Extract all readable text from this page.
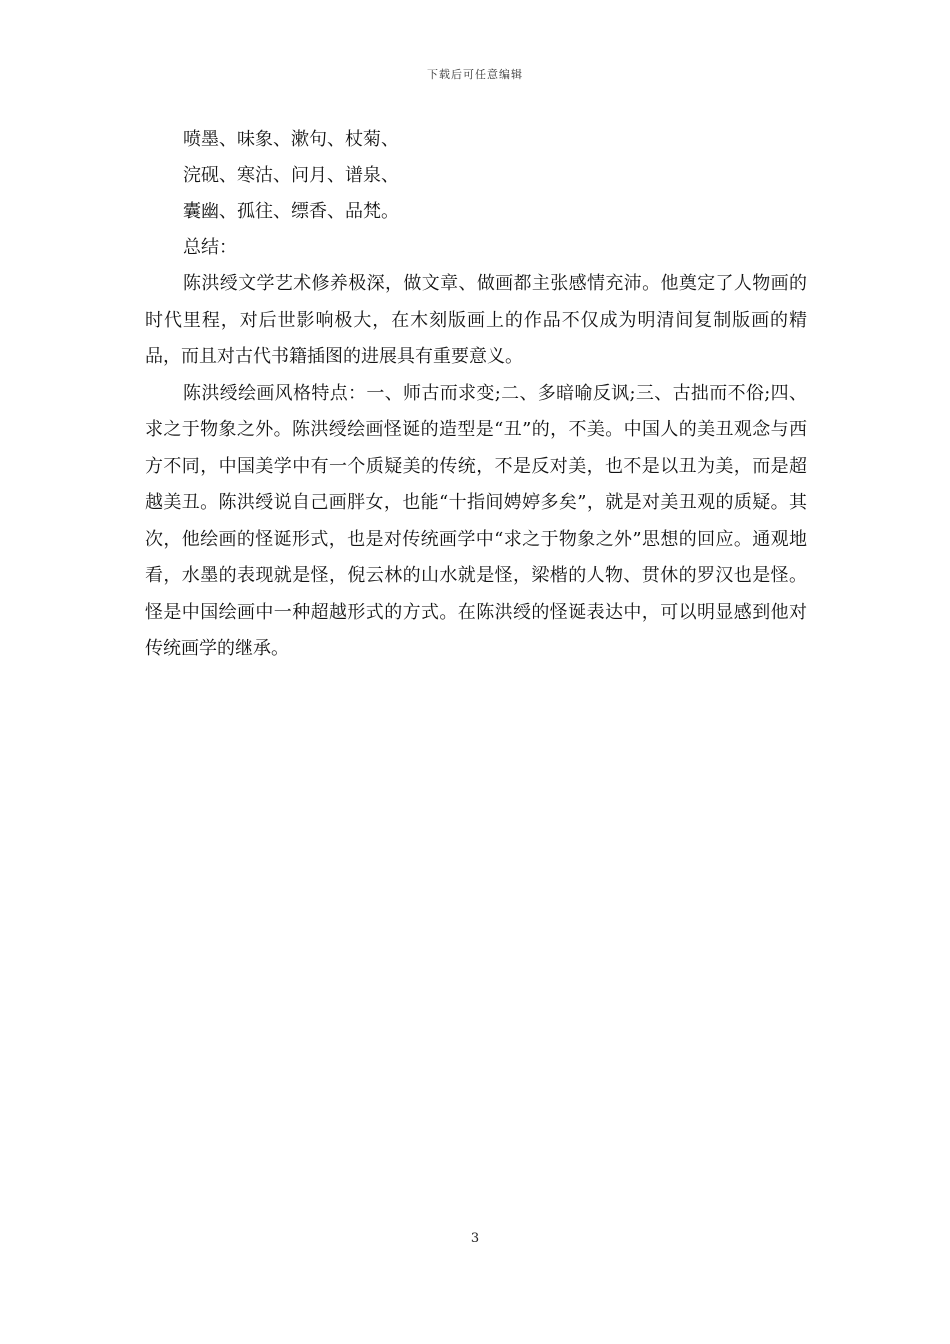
下载后可任意编辑
喷墨、味象、漱句、杖菊、
浣砚、寒沽、问月、谱泉、
囊幽、孤往、缥香、品梵。
总结：

陈洪绶文学艺术修养极深，做文章、做画都主张感情充沛。他奠定了人物画的时代里程，对后世影响极大，在木刻版画上的作品不仅成为明清间复制版画的精品，而且对古代书籍插图的进展具有重要意义。

陈洪绶绘画风格特点：一、师古而求变;二、多暗喻反讽;三、古拙而不俗;四、求之于物象之外。陈洪绶绘画怪诞的造型是“丑”的，不美。中国人的美丑观念与西方不同，中国美学中有一个质疑美的传统，不是反对美，也不是以丑为美，而是超越美丑。陈洪绶说自己画胖女，也能“十指间娉婷多矣”，就是对美丑观的质疑。其次，他绘画的怪诞形式，也是对传统画学中“求之于物象之外”思想的回应。通观地看，水墨的表现就是怪，倪云林的山水就是怪，梁楷的人物、贯休的罗汉也是怪。怪是中国绘画中一种超越形式的方式。在陈洪绶的怪诞表达中，可以明显感到他对传统画学的继承。

3
